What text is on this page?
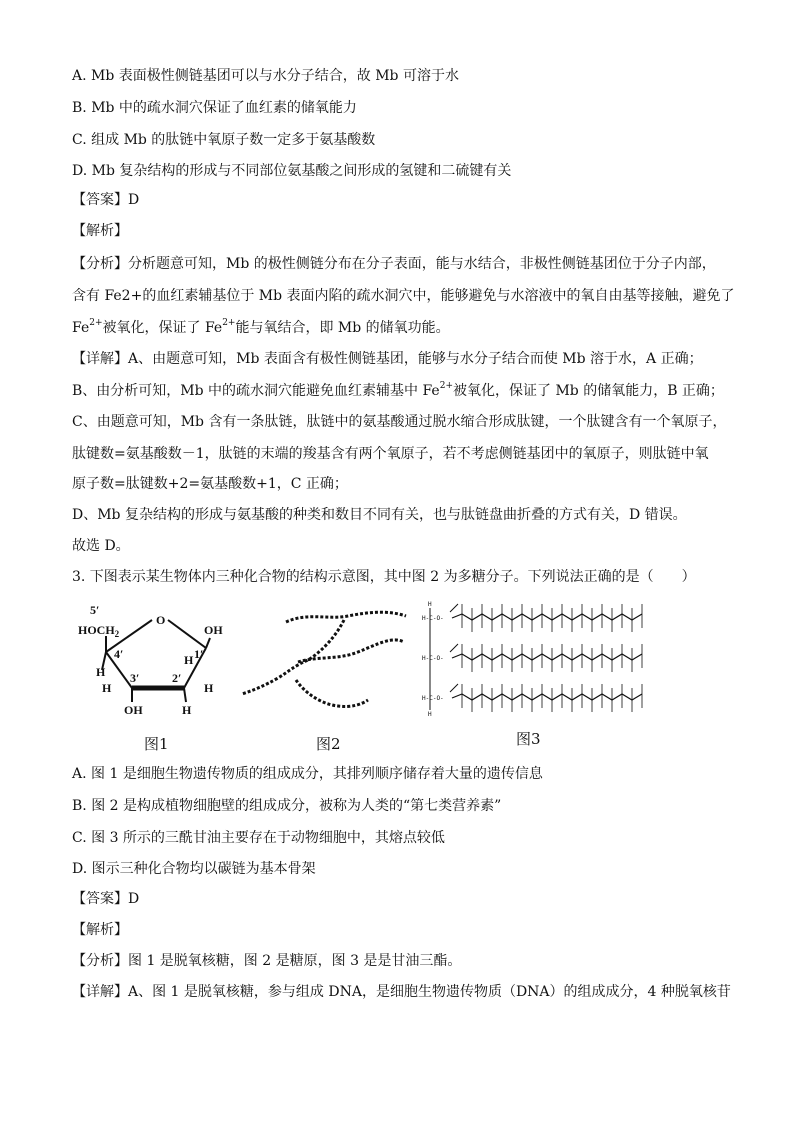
A. Mb 表面极性侧链基团可以与水分子结合，故 Mb 可溶于水
B. Mb 中的疏水洞穴保证了血红素的储氧能力
C. 组成 Mb 的肽链中氧原子数一定多于氨基酸数
D. Mb 复杂结构的形成与不同部位氨基酸之间形成的氢键和二硫键有关
【答案】D
【解析】
【分析】分析题意可知，Mb 的极性侧链分布在分子表面，能与水结合，非极性侧链基团位于分子内部，
含有 Fe2+的血红素辅基位于 Mb 表面内陷的疏水洞穴中，能够避免与水溶液中的氧自由基等接触，避免了
$Fe^{2+}$被氧化，保证了 $Fe^{2+}$能与氧结合，即 Mb 的储氧功能。
【详解】A、由题意可知，Mb 表面含有极性侧链基团，能够与水分子结合而使 Mb 溶于水，A 正确；
B、由分析可知，Mb 中的疏水洞穴能避免血红素辅基中 $Fe^{2+}$被氧化，保证了 Mb 的储氧能力，B 正确；
C、由题意可知，Mb 含有一条肽链，肽链中的氨基酸通过脱水缩合形成肽键，一个肽键含有一个氧原子，
肽键数=氨基酸数－1，肽链的末端的羧基含有两个氧原子，若不考虑侧链基团中的氧原子，则肽链中氧
原子数=肽键数+2=氨基酸数+1，C 正确；
D、Mb 复杂结构的形成与氨基酸的种类和数目不同有关，也与肽链盘曲折叠的方式有关，D 错误。
故选 D。
3. 下图表示某生物体内三种化合物的结构示意图，其中图 2 为多糖分子。下列说法正确的是（　　）
5′
$HOCH_2$
O
OH
4′	1′
H
H
H	H
3′	2′
OH	H
图1	图2
H
H-C-O-
H-C-O-
H-C-O-
H
图3
A. 图 1 是细胞生物遗传物质的组成成分，其排列顺序储存着大量的遗传信息
B. 图 2 是构成植物细胞壁的组成成分，被称为人类的“第七类营养素”
C. 图 3 所示的三酰甘油主要存在于动物细胞中，其熔点较低
D. 图示三种化合物均以碳链为基本骨架
【答案】D
【解析】
【分析】图 1 是脱氧核糖，图 2 是糖原，图 3 是是甘油三酯。
【详解】A、图 1 是脱氧核糖，参与组成 DNA，是细胞生物遗传物质（DNA）的组成成分，4 种脱氧核苷
